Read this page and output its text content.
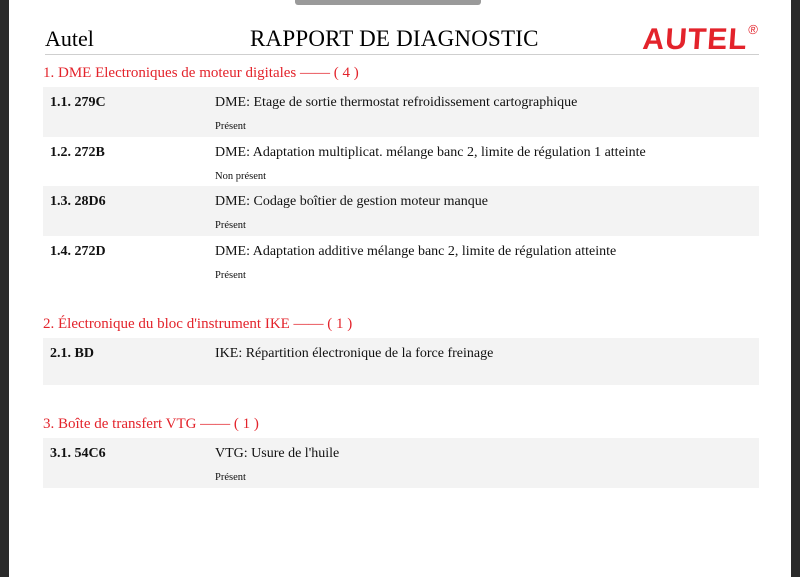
Autel	RAPPORT DE DIAGNOSTIC	AUTEL®
1. DME Electroniques de moteur digitales —— ( 4 )
1.1. 279C	DME: Etage de sortie thermostat refroidissement cartographique
Présent
1.2. 272B	DME: Adaptation multiplicat. mélange banc 2, limite de régulation 1 atteinte
Non présent
1.3. 28D6	DME: Codage boîtier de gestion moteur manque
Présent
1.4. 272D	DME: Adaptation additive mélange banc 2, limite de régulation atteinte
Présent
2. Électronique du bloc d'instrument IKE —— ( 1 )
2.1. BD	IKE: Répartition électronique de la force freinage
3. Boîte de transfert VTG —— ( 1 )
3.1. 54C6	VTG: Usure de l'huile
Présent
